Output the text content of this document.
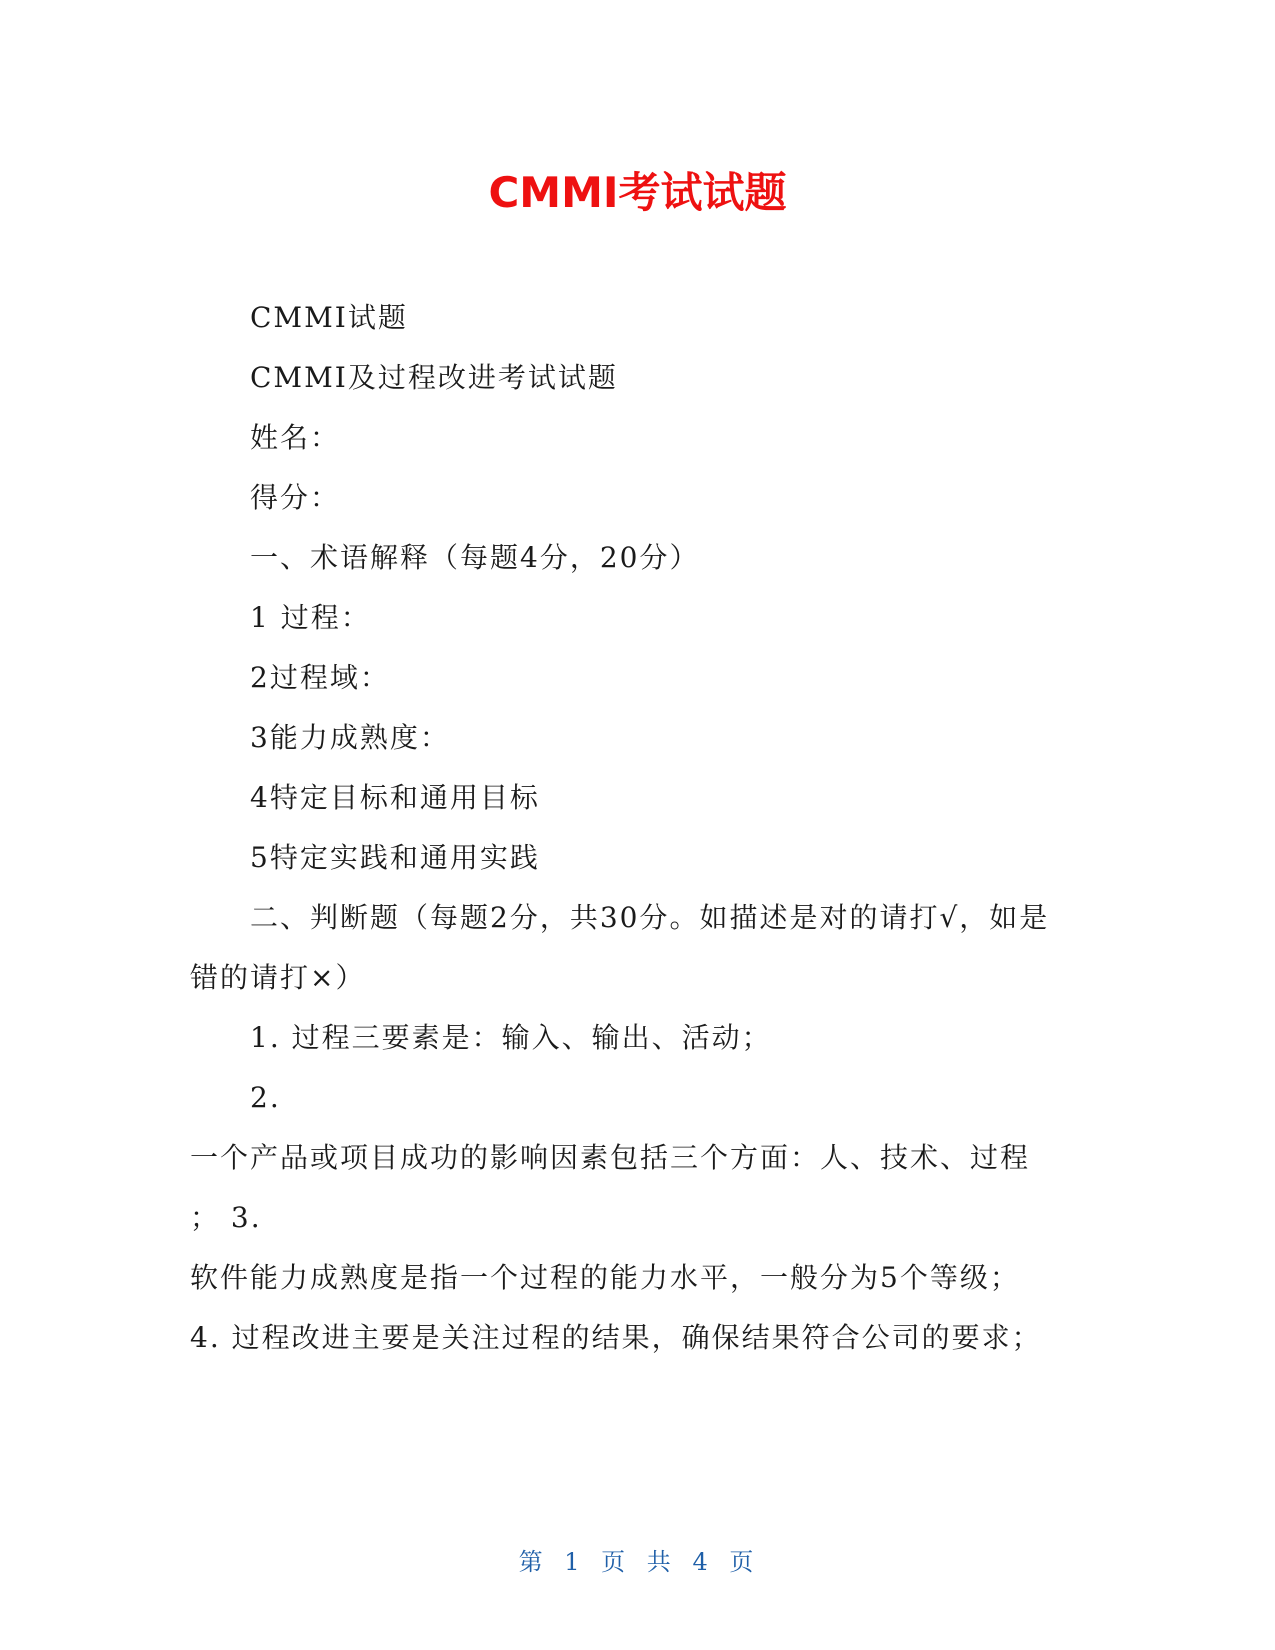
CMMI考试试题
CMMI试题
CMMI及过程改进考试试题
姓名：
得分：
一、术语解释（每题4分，20分）
1 过程：
2过程域：
3能力成熟度：
4特定目标和通用目标
5特定实践和通用实践
二、判断题（每题2分，共30分。如描述是对的请打√，如是
错的请打×）
1. 过程三要素是：输入、输出、活动；
2.
一个产品或项目成功的影响因素包括三个方面：人、技术、过程
； 3.
软件能力成熟度是指一个过程的能力水平，一般分为5个等级；
4. 过程改进主要是关注过程的结果，确保结果符合公司的要求；
第 1 页 共 4 页
